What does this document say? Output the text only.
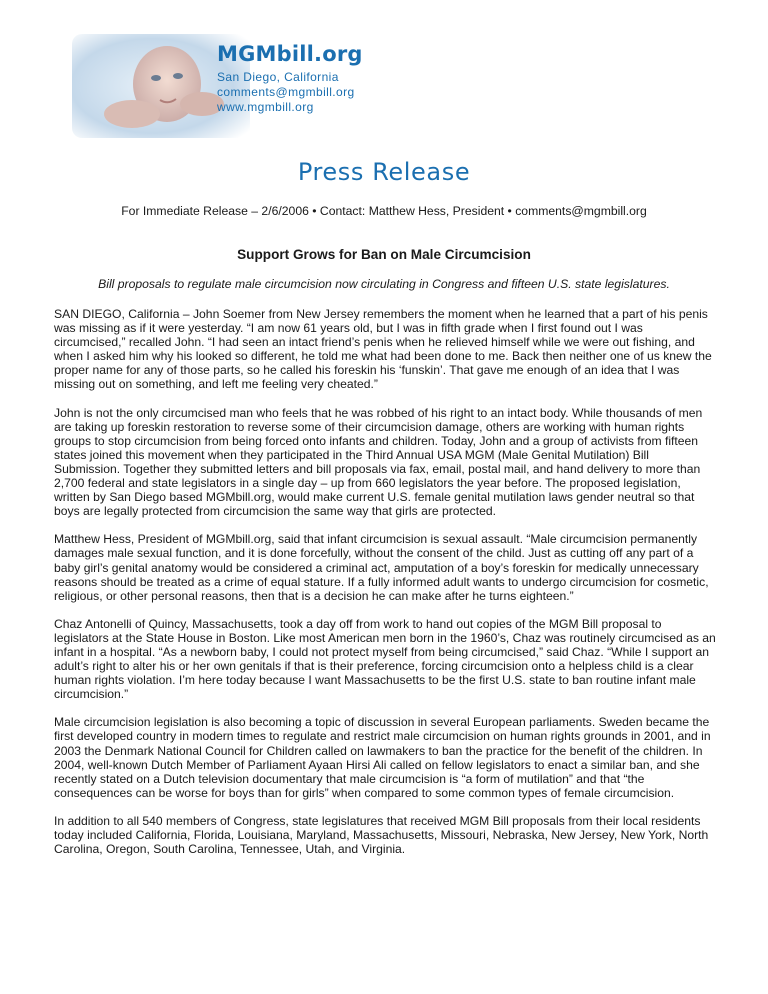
MGMbill.org
San Diego, California
comments@mgmbill.org
www.mgmbill.org
Press Release
For Immediate Release – 2/6/2006 • Contact: Matthew Hess, President • comments@mgmbill.org
Support Grows for Ban on Male Circumcision
Bill proposals to regulate male circumcision now circulating in Congress and fifteen U.S. state legislatures.

SAN DIEGO, California – John Soemer from New Jersey remembers the moment when he learned that a part of his penis was missing as if it were yesterday. “I am now 61 years old, but I was in fifth grade when I first found out I was circumcised,” recalled John. “I had seen an intact friend’s penis when he relieved himself while we were out fishing, and when I asked him why his looked so different, he told me what had been done to me. Back then neither one of us knew the proper name for any of those parts, so he called his foreskin his ‘funskin’. That gave me enough of an idea that I was missing out on something, and left me feeling very cheated.”

John is not the only circumcised man who feels that he was robbed of his right to an intact body. While thousands of men are taking up foreskin restoration to reverse some of their circumcision damage, others are working with human rights groups to stop circumcision from being forced onto infants and children. Today, John and a group of activists from fifteen states joined this movement when they participated in the Third Annual USA MGM (Male Genital Mutilation) Bill Submission. Together they submitted letters and bill proposals via fax, email, postal mail, and hand delivery to more than 2,700 federal and state legislators in a single day – up from 660 legislators the year before. The proposed legislation, written by San Diego based MGMbill.org, would make current U.S. female genital mutilation laws gender neutral so that boys are legally protected from circumcision the same way that girls are protected.

Matthew Hess, President of MGMbill.org, said that infant circumcision is sexual assault. “Male circumcision permanently damages male sexual function, and it is done forcefully, without the consent of the child. Just as cutting off any part of a baby girl’s genital anatomy would be considered a criminal act, amputation of a boy’s foreskin for medically unnecessary reasons should be treated as a crime of equal stature. If a fully informed adult wants to undergo circumcision for cosmetic, religious, or other personal reasons, then that is a decision he can make after he turns eighteen.”

Chaz Antonelli of Quincy, Massachusetts, took a day off from work to hand out copies of the MGM Bill proposal to legislators at the State House in Boston. Like most American men born in the 1960’s, Chaz was routinely circumcised as an infant in a hospital. “As a newborn baby, I could not protect myself from being circumcised,” said Chaz. “While I support an adult’s right to alter his or her own genitals if that is their preference, forcing circumcision onto a helpless child is a clear human rights violation. I’m here today because I want Massachusetts to be the first U.S. state to ban routine infant male circumcision.”

Male circumcision legislation is also becoming a topic of discussion in several European parliaments. Sweden became the first developed country in modern times to regulate and restrict male circumcision on human rights grounds in 2001, and in 2003 the Denmark National Council for Children called on lawmakers to ban the practice for the benefit of the children. In 2004, well-known Dutch Member of Parliament Ayaan Hirsi Ali called on fellow legislators to enact a similar ban, and she recently stated on a Dutch television documentary that male circumcision is “a form of mutilation” and that “the consequences can be worse for boys than for girls” when compared to some common types of female circumcision.

In addition to all 540 members of Congress, state legislatures that received MGM Bill proposals from their local residents today included California, Florida, Louisiana, Maryland, Massachusetts, Missouri, Nebraska, New Jersey, New York, North Carolina, Oregon, South Carolina, Tennessee, Utah, and Virginia.
